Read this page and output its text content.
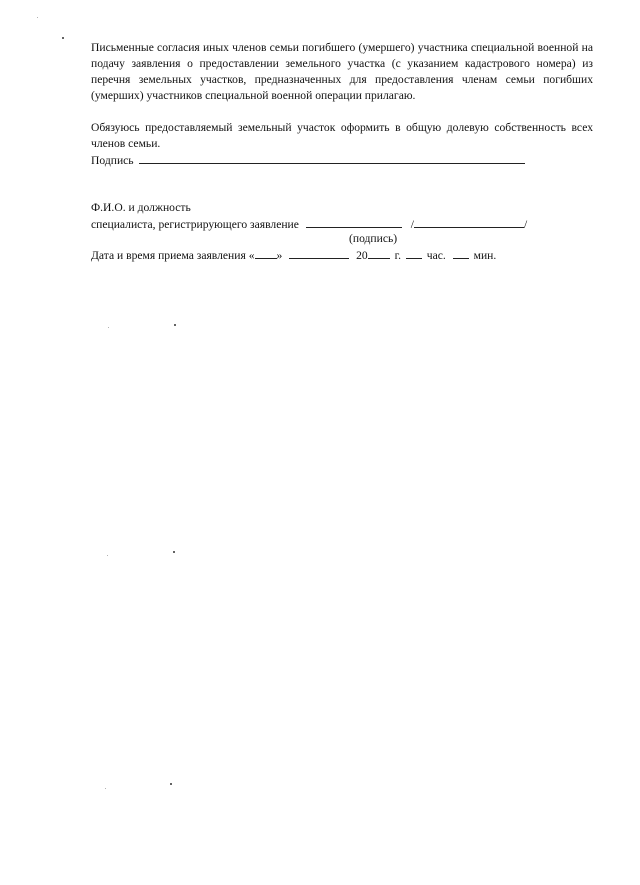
Письменные согласия иных членов семьи погибшего (умершего) участника специальной военной на подачу заявления о предоставлении земельного участка (с указанием кадастрового номера) из перечня земельных участков, предназначенных для предоставления членам семьи погибших (умерших) участников специальной военной операции прилагаю.

Обязуюсь предоставляемый земельный участок оформить в общую долевую собственность всех членов семьи.

Подпись
Ф.И.О. и должность
специалиста, регистрирующего заявление	/	/
(подпись)
Дата и время приема заявления « »	20 г. час. мин.
